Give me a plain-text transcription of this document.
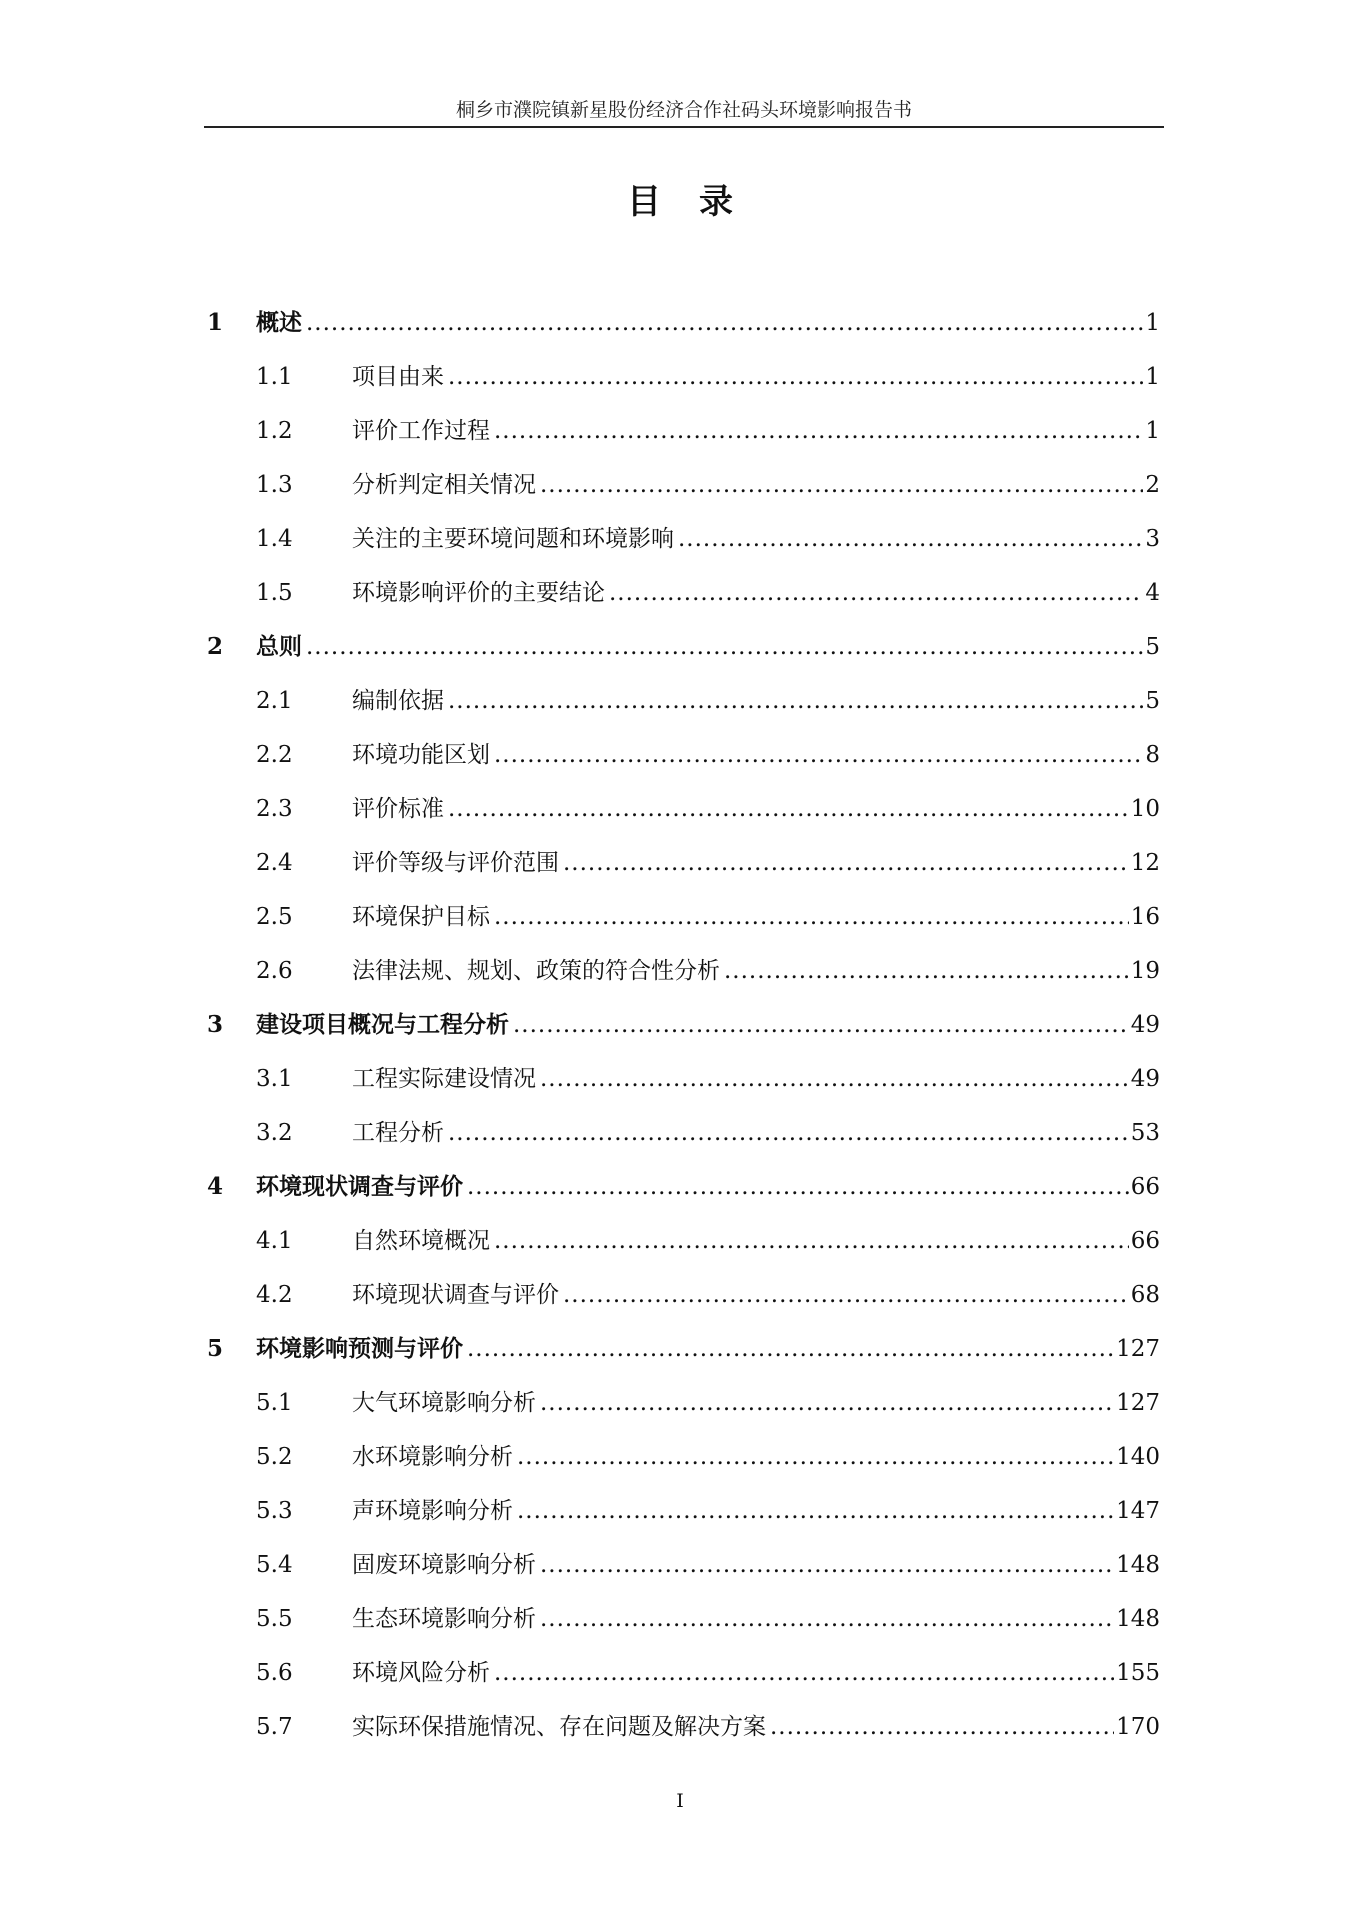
桐乡市濮院镇新星股份经济合作社码头环境影响报告书
目录
1 概述 .....	1
1.1	项目由来 .....	1
1.2	评价工作过程 .....	1
1.3	分析判定相关情况 .....	2
1.4	关注的主要环境问题和环境影响 .....	3
1.5	环境影响评价的主要结论 .....	4
2 总则 .....	5
2.1	编制依据 .....	5
2.2	环境功能区划 .....	8
2.3	评价标准 .....	10
2.4	评价等级与评价范围 .....	12
2.5	环境保护目标 .....	16
2.6	法律法规、规划、政策的符合性分析 .....	19
3 建设项目概况与工程分析 .....	49
3.1	工程实际建设情况 .....	49
3.2	工程分析 .....	53
4 环境现状调查与评价 .....	66
4.1	自然环境概况 .....	66
4.2	环境现状调查与评价 .....	68
5 环境影响预测与评价 .....	127
5.1	大气环境影响分析 .....	127
5.2	水环境影响分析 .....	140
5.3	声环境影响分析 .....	147
5.4	固废环境影响分析 .....	148
5.5	生态环境影响分析 .....	148
5.6	环境风险分析 .....	155
5.7	实际环保措施情况、存在问题及解决方案 .....	170
I
